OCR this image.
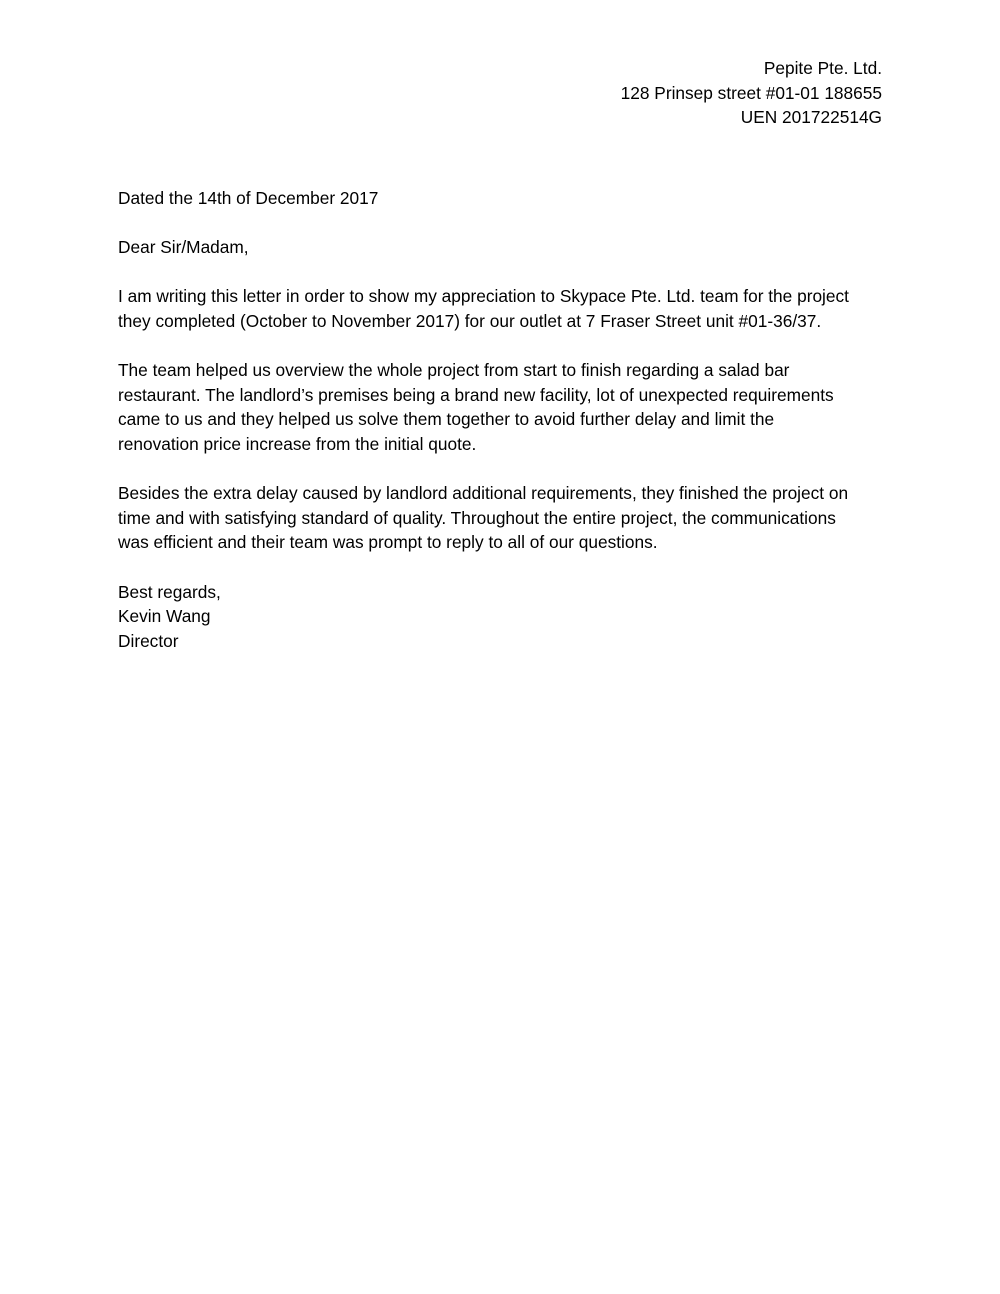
Pepite Pte. Ltd.
128 Prinsep street #01-01 188655
UEN 201722514G

Dated the 14th of December 2017

Dear Sir/Madam,

I am writing this letter in order to show my appreciation to Skypace Pte. Ltd. team for the project
they completed (October to November 2017) for our outlet at 7 Fraser Street unit #01-36/37.

The team helped us overview the whole project from start to finish regarding a salad bar
restaurant. The landlord’s premises being a brand new facility, lot of unexpected requirements
came to us and they helped us solve them together to avoid further delay and limit the
renovation price increase from the initial quote.

Besides the extra delay caused by landlord additional requirements, they finished the project on
time and with satisfying standard of quality. Throughout the entire project, the communications
was efficient and their team was prompt to reply to all of our questions.

Best regards,
Kevin Wang
Director
